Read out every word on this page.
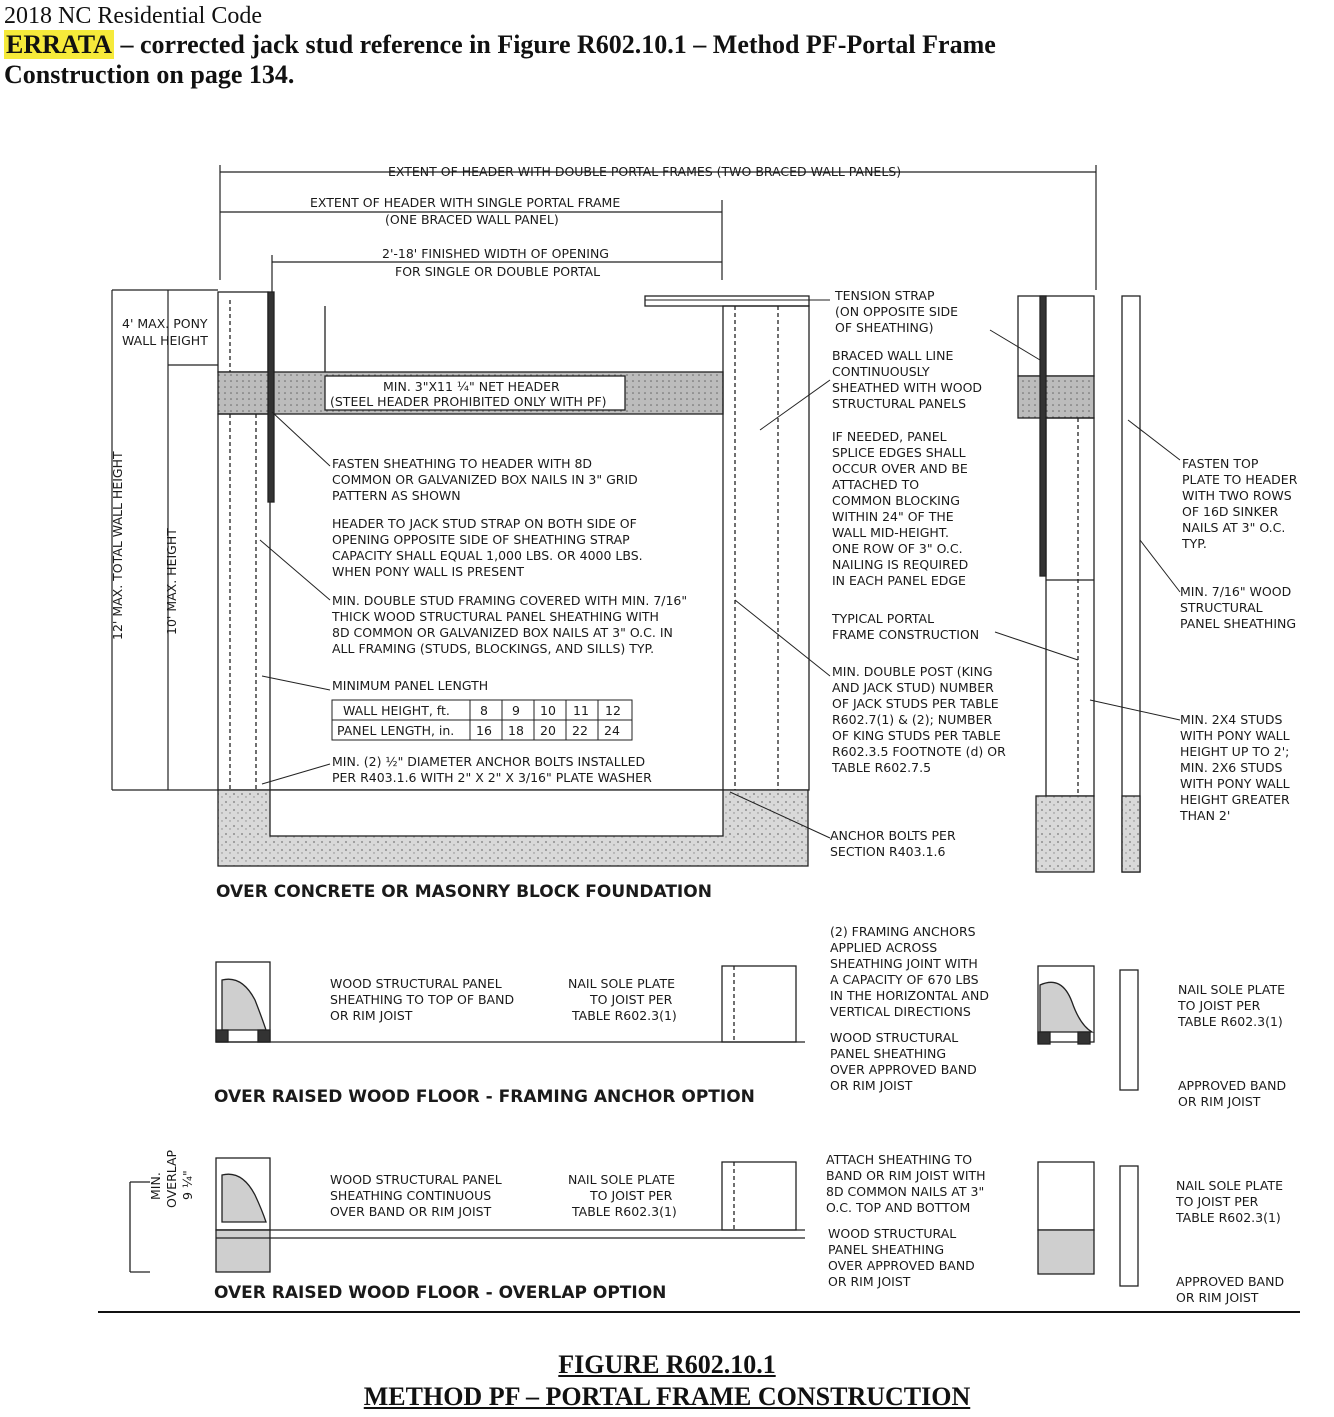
2018 NC Residential Code
ERRATA – corrected jack stud reference in Figure R602.10.1 – Method PF-Portal Frame
Construction on page 134.
EXTENT OF HEADER WITH DOUBLE PORTAL FRAMES (TWO BRACED WALL PANELS)
EXTENT OF HEADER WITH SINGLE PORTAL FRAME
(ONE BRACED WALL PANEL)
2'-18' FINISHED WIDTH OF OPENING
FOR SINGLE OR DOUBLE PORTAL
4' MAX. PONY
WALL HEIGHT
12' MAX. TOTAL WALL HEIGHT	10' MAX. HEIGHT
MIN. 3"X11 ¼" NET HEADER
(STEEL HEADER PROHIBITED ONLY WITH PF)
FASTEN SHEATHING TO HEADER WITH 8D
COMMON OR GALVANIZED BOX NAILS IN 3" GRID
PATTERN AS SHOWN
HEADER TO JACK STUD STRAP ON BOTH SIDE OF
OPENING OPPOSITE SIDE OF SHEATHING STRAP
CAPACITY SHALL EQUAL 1,000 LBS. OR 4000 LBS.
WHEN PONY WALL IS PRESENT
MIN. DOUBLE STUD FRAMING COVERED WITH MIN. 7/16"
THICK WOOD STRUCTURAL PANEL SHEATHING WITH
8D COMMON OR GALVANIZED BOX NAILS AT 3" O.C. IN
ALL FRAMING (STUDS, BLOCKINGS, AND SILLS) TYP.
MINIMUM PANEL LENGTH
WALL HEIGHT, ft. 8 9 10 11 12
PANEL LENGTH, in. 16 18 20 22 24
MIN. (2) ½" DIAMETER ANCHOR BOLTS INSTALLED
PER R403.1.6 WITH 2" X 2" X 3/16" PLATE WASHER
OVER CONCRETE OR MASONRY BLOCK FOUNDATION
TENSION STRAP
(ON OPPOSITE SIDE
OF SHEATHING)
BRACED WALL LINE
CONTINUOUSLY
SHEATHED WITH WOOD
STRUCTURAL PANELS
IF NEEDED, PANEL
SPLICE EDGES SHALL
OCCUR OVER AND BE
ATTACHED TO
COMMON BLOCKING
WITHIN 24" OF THE
WALL MID-HEIGHT.
ONE ROW OF 3" O.C.
NAILING IS REQUIRED
IN EACH PANEL EDGE
TYPICAL PORTAL
FRAME CONSTRUCTION
MIN. DOUBLE POST (KING
AND JACK STUD) NUMBER
OF JACK STUDS PER TABLE
R602.7(1) & (2); NUMBER
OF KING STUDS PER TABLE
R602.3.5 FOOTNOTE (d) OR
TABLE R602.7.5
ANCHOR BOLTS PER
SECTION R403.1.6
FASTEN TOP
PLATE TO HEADER
WITH TWO ROWS
OF 16D SINKER
NAILS AT 3" O.C.
TYP.
MIN. 7/16" WOOD
STRUCTURAL
PANEL SHEATHING
MIN. 2X4 STUDS
WITH PONY WALL
HEIGHT UP TO 2';
MIN. 2X6 STUDS
WITH PONY WALL
HEIGHT GREATER
THAN 2'
WOOD STRUCTURAL PANEL
SHEATHING TO TOP OF BAND
OR RIM JOIST
NAIL SOLE PLATE
TO JOIST PER
TABLE R602.3(1)
(2) FRAMING ANCHORS
APPLIED ACROSS
SHEATHING JOINT WITH
A CAPACITY OF 670 LBS
IN THE HORIZONTAL AND
VERTICAL DIRECTIONS
WOOD STRUCTURAL
PANEL SHEATHING
OVER APPROVED BAND
OR RIM JOIST
NAIL SOLE PLATE
TO JOIST PER
TABLE R602.3(1)
APPROVED BAND
OR RIM JOIST
OVER RAISED WOOD FLOOR - FRAMING ANCHOR OPTION
MIN. OVERLAP 9 ¼"	WOOD STRUCTURAL PANEL
SHEATHING CONTINUOUS
OVER BAND OR RIM JOIST
NAIL SOLE PLATE
TO JOIST PER
TABLE R602.3(1)
ATTACH SHEATHING TO
BAND OR RIM JOIST WITH
8D COMMON NAILS AT 3"
O.C. TOP AND BOTTOM
WOOD STRUCTURAL
PANEL SHEATHING
OVER APPROVED BAND
OR RIM JOIST
NAIL SOLE PLATE
TO JOIST PER
TABLE R602.3(1)
APPROVED BAND
OR RIM JOIST
OVER RAISED WOOD FLOOR - OVERLAP OPTION
FIGURE R602.10.1
METHOD PF – PORTAL FRAME CONSTRUCTION
